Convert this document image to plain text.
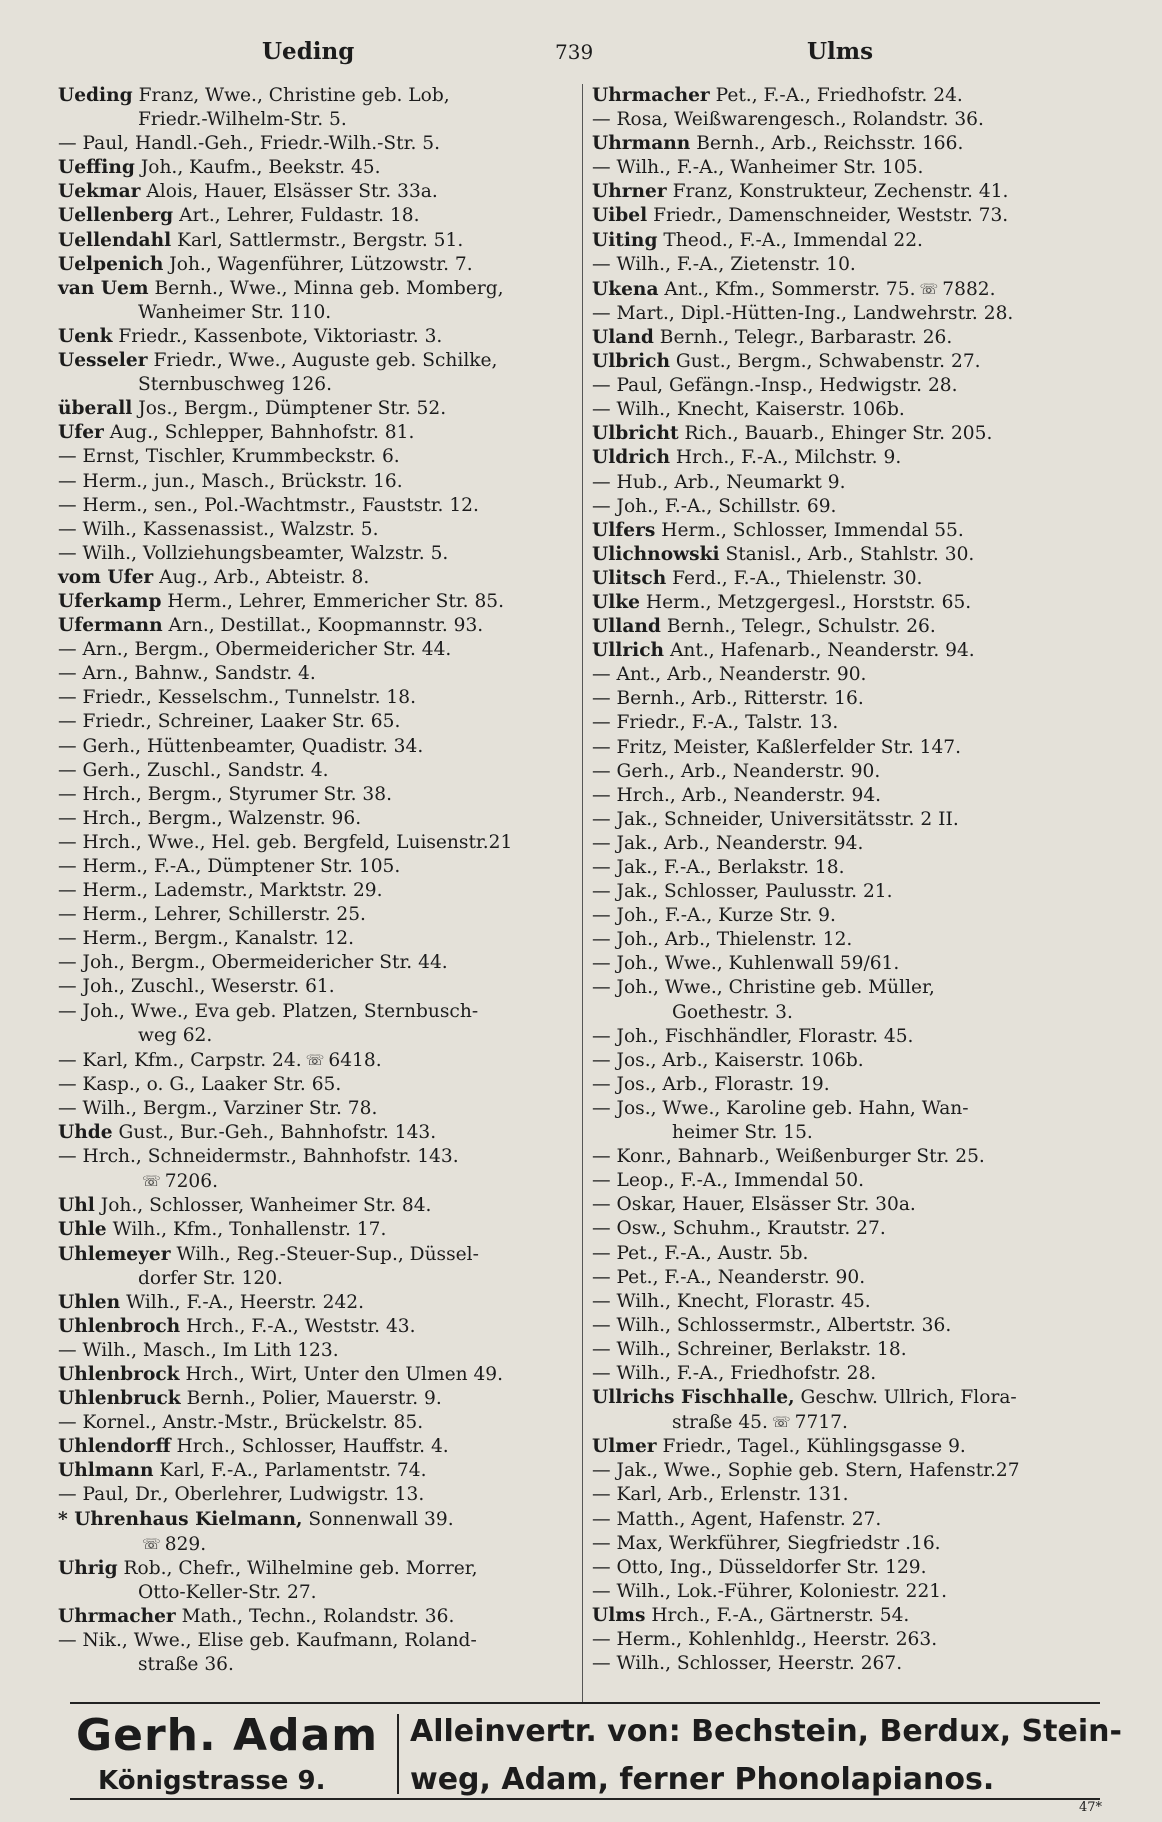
Ueding	739	Ulms
Ueding Franz, Wwe., Christine geb. Lob,
Friedr.-Wilhelm-Str. 5.
— Paul, Handl.-Geh., Friedr.-Wilh.-Str. 5.
Ueffing Joh., Kaufm., Beekstr. 45.
Uekmar Alois, Hauer, Elsässer Str. 33a.
Uellenberg Art., Lehrer, Fuldastr. 18.
Uellendahl Karl, Sattlermstr., Bergstr. 51.
Uelpenich Joh., Wagenführer, Lützowstr. 7.
van Uem Bernh., Wwe., Minna geb. Momberg,
Wanheimer Str. 110.
Uenk Friedr., Kassenbote, Viktoriastr. 3.
Uesseler Friedr., Wwe., Auguste geb. Schilke,
Sternbuschweg 126.
überall Jos., Bergm., Dümptener Str. 52.
Ufer Aug., Schlepper, Bahnhofstr. 81.
— Ernst, Tischler, Krummbeckstr. 6.
— Herm., jun., Masch., Brückstr. 16.
— Herm., sen., Pol.-Wachtmstr., Fauststr. 12.
— Wilh., Kassenassist., Walzstr. 5.
— Wilh., Vollziehungsbeamter, Walzstr. 5.
vom Ufer Aug., Arb., Abteistr. 8.
Uferkamp Herm., Lehrer, Emmericher Str. 85.
Ufermann Arn., Destillat., Koopmannstr. 93.
— Arn., Bergm., Obermeidericher Str. 44.
— Arn., Bahnw., Sandstr. 4.
— Friedr., Kesselschm., Tunnelstr. 18.
— Friedr., Schreiner, Laaker Str. 65.
— Gerh., Hüttenbeamter, Quadistr. 34.
— Gerh., Zuschl., Sandstr. 4.
— Hrch., Bergm., Styrumer Str. 38.
— Hrch., Bergm., Walzenstr. 96.
— Hrch., Wwe., Hel. geb. Bergfeld, Luisenstr.21
— Herm., F.-A., Dümptener Str. 105.
— Herm., Lademstr., Marktstr. 29.
— Herm., Lehrer, Schillerstr. 25.
— Herm., Bergm., Kanalstr. 12.
— Joh., Bergm., Obermeidericher Str. 44.
— Joh., Zuschl., Weserstr. 61.
— Joh., Wwe., Eva geb. Platzen, Sternbusch-
weg 62.
— Karl, Kfm., Carpstr. 24. ☏ 6418.
— Kasp., o. G., Laaker Str. 65.
— Wilh., Bergm., Varziner Str. 78.
Uhde Gust., Bur.-Geh., Bahnhofstr. 143.
— Hrch., Schneidermstr., Bahnhofstr. 143.
☏ 7206.
Uhl Joh., Schlosser, Wanheimer Str. 84.
Uhle Wilh., Kfm., Tonhallenstr. 17.
Uhlemeyer Wilh., Reg.-Steuer-Sup., Düssel-
dorfer Str. 120.
Uhlen Wilh., F.-A., Heerstr. 242.
Uhlenbroch Hrch., F.-A., Weststr. 43.
— Wilh., Masch., Im Lith 123.
Uhlenbrock Hrch., Wirt, Unter den Ulmen 49.
Uhlenbruck Bernh., Polier, Mauerstr. 9.
— Kornel., Anstr.-Mstr., Brückelstr. 85.
Uhlendorff Hrch., Schlosser, Hauffstr. 4.
Uhlmann Karl, F.-A., Parlamentstr. 74.
— Paul, Dr., Oberlehrer, Ludwigstr. 13.
* Uhrenhaus Kielmann, Sonnenwall 39.
☏ 829.
Uhrig Rob., Chefr., Wilhelmine geb. Morrer,
Otto-Keller-Str. 27.
Uhrmacher Math., Techn., Rolandstr. 36.
— Nik., Wwe., Elise geb. Kaufmann, Roland-
straße 36.
Uhrmacher Pet., F.-A., Friedhofstr. 24.
— Rosa, Weißwarengesch., Rolandstr. 36.
Uhrmann Bernh., Arb., Reichsstr. 166.
— Wilh., F.-A., Wanheimer Str. 105.
Uhrner Franz, Konstrukteur, Zechenstr. 41.
Uibel Friedr., Damenschneider, Weststr. 73.
Uiting Theod., F.-A., Immendal 22.
— Wilh., F.-A., Zietenstr. 10.
Ukena Ant., Kfm., Sommerstr. 75. ☏ 7882.
— Mart., Dipl.-Hütten-Ing., Landwehrstr. 28.
Uland Bernh., Telegr., Barbarastr. 26.
Ulbrich Gust., Bergm., Schwabenstr. 27.
— Paul, Gefängn.-Insp., Hedwigstr. 28.
— Wilh., Knecht, Kaiserstr. 106b.
Ulbricht Rich., Bauarb., Ehinger Str. 205.
Uldrich Hrch., F.-A., Milchstr. 9.
— Hub., Arb., Neumarkt 9.
— Joh., F.-A., Schillstr. 69.
Ulfers Herm., Schlosser, Immendal 55.
Ulichnowski Stanisl., Arb., Stahlstr. 30.
Ulitsch Ferd., F.-A., Thielenstr. 30.
Ulke Herm., Metzgergesl., Horststr. 65.
Ulland Bernh., Telegr., Schulstr. 26.
Ullrich Ant., Hafenarb., Neanderstr. 94.
— Ant., Arb., Neanderstr. 90.
— Bernh., Arb., Ritterstr. 16.
— Friedr., F.-A., Talstr. 13.
— Fritz, Meister, Kaßlerfelder Str. 147.
— Gerh., Arb., Neanderstr. 90.
— Hrch., Arb., Neanderstr. 94.
— Jak., Schneider, Universitätsstr. 2 II.
— Jak., Arb., Neanderstr. 94.
— Jak., F.-A., Berlakstr. 18.
— Jak., Schlosser, Paulusstr. 21.
— Joh., F.-A., Kurze Str. 9.
— Joh., Arb., Thielenstr. 12.
— Joh., Wwe., Kuhlenwall 59/61.
— Joh., Wwe., Christine geb. Müller,
Goethestr. 3.
— Joh., Fischhändler, Florastr. 45.
— Jos., Arb., Kaiserstr. 106b.
— Jos., Arb., Florastr. 19.
— Jos., Wwe., Karoline geb. Hahn, Wan-
heimer Str. 15.
— Konr., Bahnarb., Weißenburger Str. 25.
— Leop., F.-A., Immendal 50.
— Oskar, Hauer, Elsässer Str. 30a.
— Osw., Schuhm., Krautstr. 27.
— Pet., F.-A., Austr. 5b.
— Pet., F.-A., Neanderstr. 90.
— Wilh., Knecht, Florastr. 45.
— Wilh., Schlossermstr., Albertstr. 36.
— Wilh., Schreiner, Berlakstr. 18.
— Wilh., F.-A., Friedhofstr. 28.
Ullrichs Fischhalle, Geschw. Ullrich, Flora-
straße 45. ☏ 7717.
Ulmer Friedr., Tagel., Kühlingsgasse 9.
— Jak., Wwe., Sophie geb. Stern, Hafenstr.27
— Karl, Arb., Erlenstr. 131.
— Matth., Agent, Hafenstr. 27.
— Max, Werkführer, Siegfriedstr .16.
— Otto, Ing., Düsseldorfer Str. 129.
— Wilh., Lok.-Führer, Koloniestr. 221.
Ulms Hrch., F.-A., Gärtnerstr. 54.
— Herm., Kohlenhldg., Heerstr. 263.
— Wilh., Schlosser, Heerstr. 267.
Gerh. Adam
Königstrasse 9.
Alleinvertr. von: Bechstein, Berdux, Stein-
weg, Adam, ferner Phonolapianos.
47*
